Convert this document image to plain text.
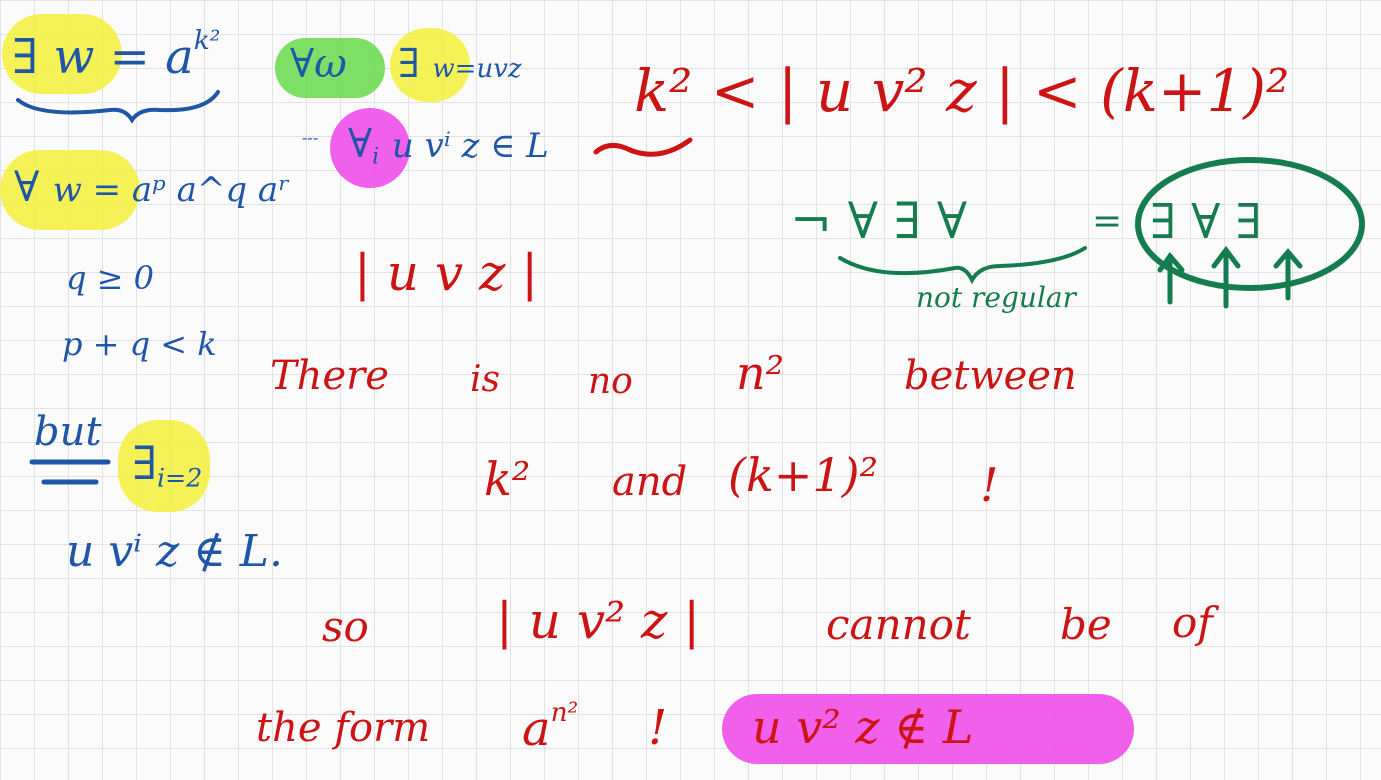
∃ $w = a^{k^2}$
∀ w = aᵖ a^q aʳ
q ≥ 0
p + q < k
but
$\exists_{i=2}$
u vⁱ z ∉ L.
∀ω ∃ w=uvz
--- $\forall_i$ u vⁱ z ∈ L
k² < | u v² z | < (k+1)²
¬ ∀ ∃ ∀	= ∃ ∀ ∃
not regular
| u v z |
There is no n²	between
k² and (k+1)² !
so	| u v² z |	cannot be of
the form $a^{n^2}$ ! u v² z ∉ L
